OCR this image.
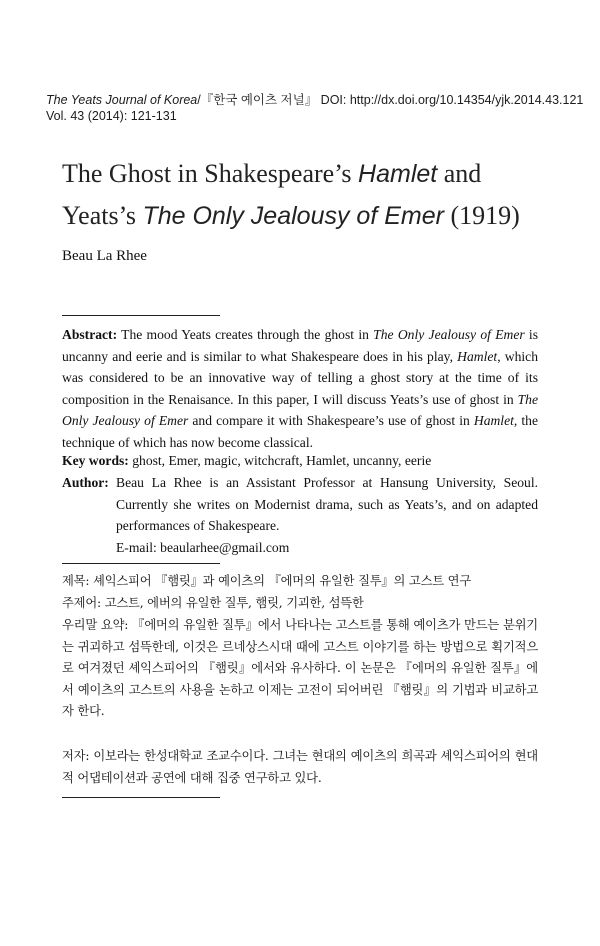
The Yeats Journal of Korea/『한국 예이츠 저널』 DOI: http://dx.doi.org/10.14354/yjk.2014.43.121
Vol. 43 (2014): 121-131
The Ghost in Shakespeare’s Hamlet and
Yeats’s The Only Jealousy of Emer (1919)
Beau La Rhee

Abstract: The mood Yeats creates through the ghost in The Only Jealousy of Emer is uncanny and eerie and is similar to what Shakespeare does in his play, Hamlet, which was considered to be an innovative way of telling a ghost story at the time of its composition in the Renaisance. In this paper, I will discuss Yeats’s use of ghost in The Only Jealousy of Emer and compare it with Shakespeare’s use of ghost in Hamlet, the technique of which has now become classical.

Key words: ghost, Emer, magic, witchcraft, Hamlet, uncanny, eerie
Author: Beau La Rhee is an Assistant Professor at Hansung University, Seoul. Currently she writes on Modernist drama, such as Yeats’s, and on adapted performances of Shakespeare.
E-mail: beaularhee@gmail.com
제목: 셰익스피어 『햄릿』과 예이츠의 『에머의 유일한 질투』의 고스트 연구
주제어: 고스트, 에버의 유일한 질투, 햄릿, 기괴한, 섬뜩한
우리말 요약: 『에머의 유일한 질투』에서 나타나는 고스트를 통해 예이츠가 만드는 분위기는 귀괴하고 섬뜩한데, 이것은 르네상스시대 때에 고스트 이야기를 하는 방법으로 획기적으로 여겨졌던 셰익스피어의 『햄릿』에서와 유사하다. 이 논문은 『에머의 유일한 질투』에서 예이츠의 고스트의 사용을 논하고 이제는 고전이 되어버린 『햄릿』의 기법과 비교하고자 한다.
저자: 이보라는 한성대학교 조교수이다. 그녀는 현대의 예이츠의 희곡과 셰익스피어의 현대적 어댑테이션과 공연에 대해 집중 연구하고 있다.
